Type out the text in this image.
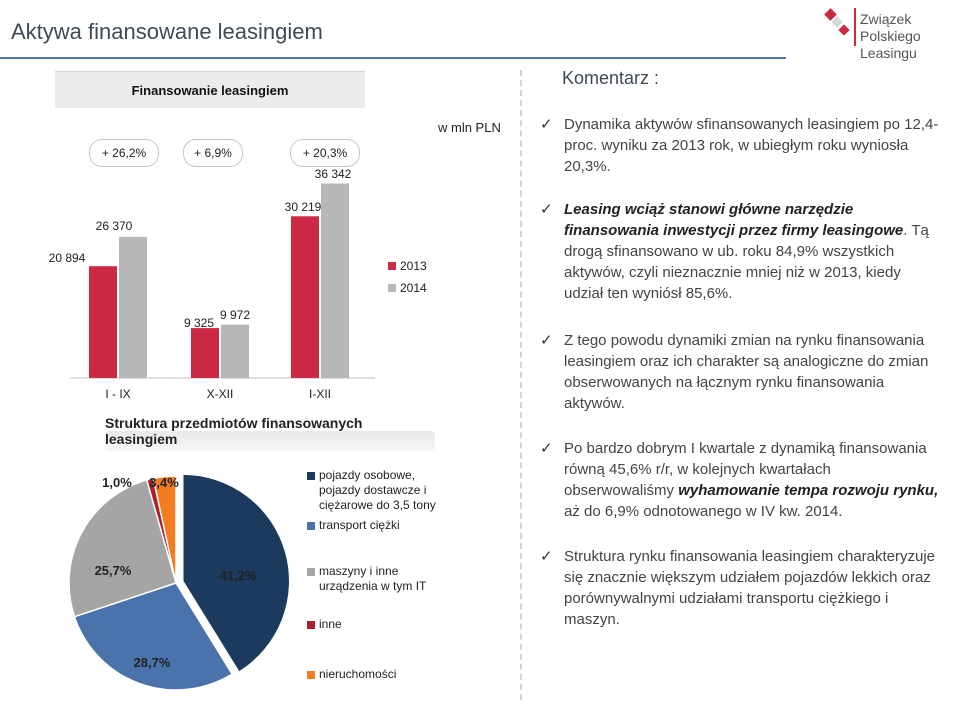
Aktywa finansowane leasingiem	Związek Polskiego Leasingu
Finansowanie leasingiem
w mln PLN
+ 26,2%	+ 6,9%	+ 20,3%
20 894
26 370
I - IX
9 325
9 972
X-XII
30 219
36 342
I-XII
2013
2014
Struktura przedmiotów finansowanych leasingiem
41,2%
28,7%
25,7%
1,0% 3,4%	pojazdy osobowe, pojazdy dostawcze i ciężarowe do 3,5 tony
transport ciężki
maszyny i inne urządzenia w tym IT
inne
nieruchomości
Komentarz :
✓ Dynamika aktywów sfinansowanych leasingiem po 12,4-proc. wyniku za 2013 rok, w ubiegłym roku wyniosła 20,3%.
✓ Leasing wciąż stanowi główne narzędzie finansowania inwestycji przez firmy leasingowe. Tą drogą sfinansowano w ub. roku 84,9% wszystkich aktywów, czyli nieznacznie mniej niż w 2013, kiedy udział ten wyniósł 85,6%.
✓ Z tego powodu dynamiki zmian na rynku finansowania leasingiem oraz ich charakter są analogiczne do zmian obserwowanych na łącznym rynku finansowania aktywów.
✓ Po bardzo dobrym I kwartale z dynamiką finansowania równą 45,6% r/r, w kolejnych kwartałach obserwowaliśmy wyhamowanie tempa rozwoju rynku, aż do 6,9% odnotowanego w IV kw. 2014.
✓ Struktura rynku finansowania leasingiem charakteryzuje się znacznie większym udziałem pojazdów lekkich oraz porównywalnymi udziałami transportu ciężkiego i maszyn.
